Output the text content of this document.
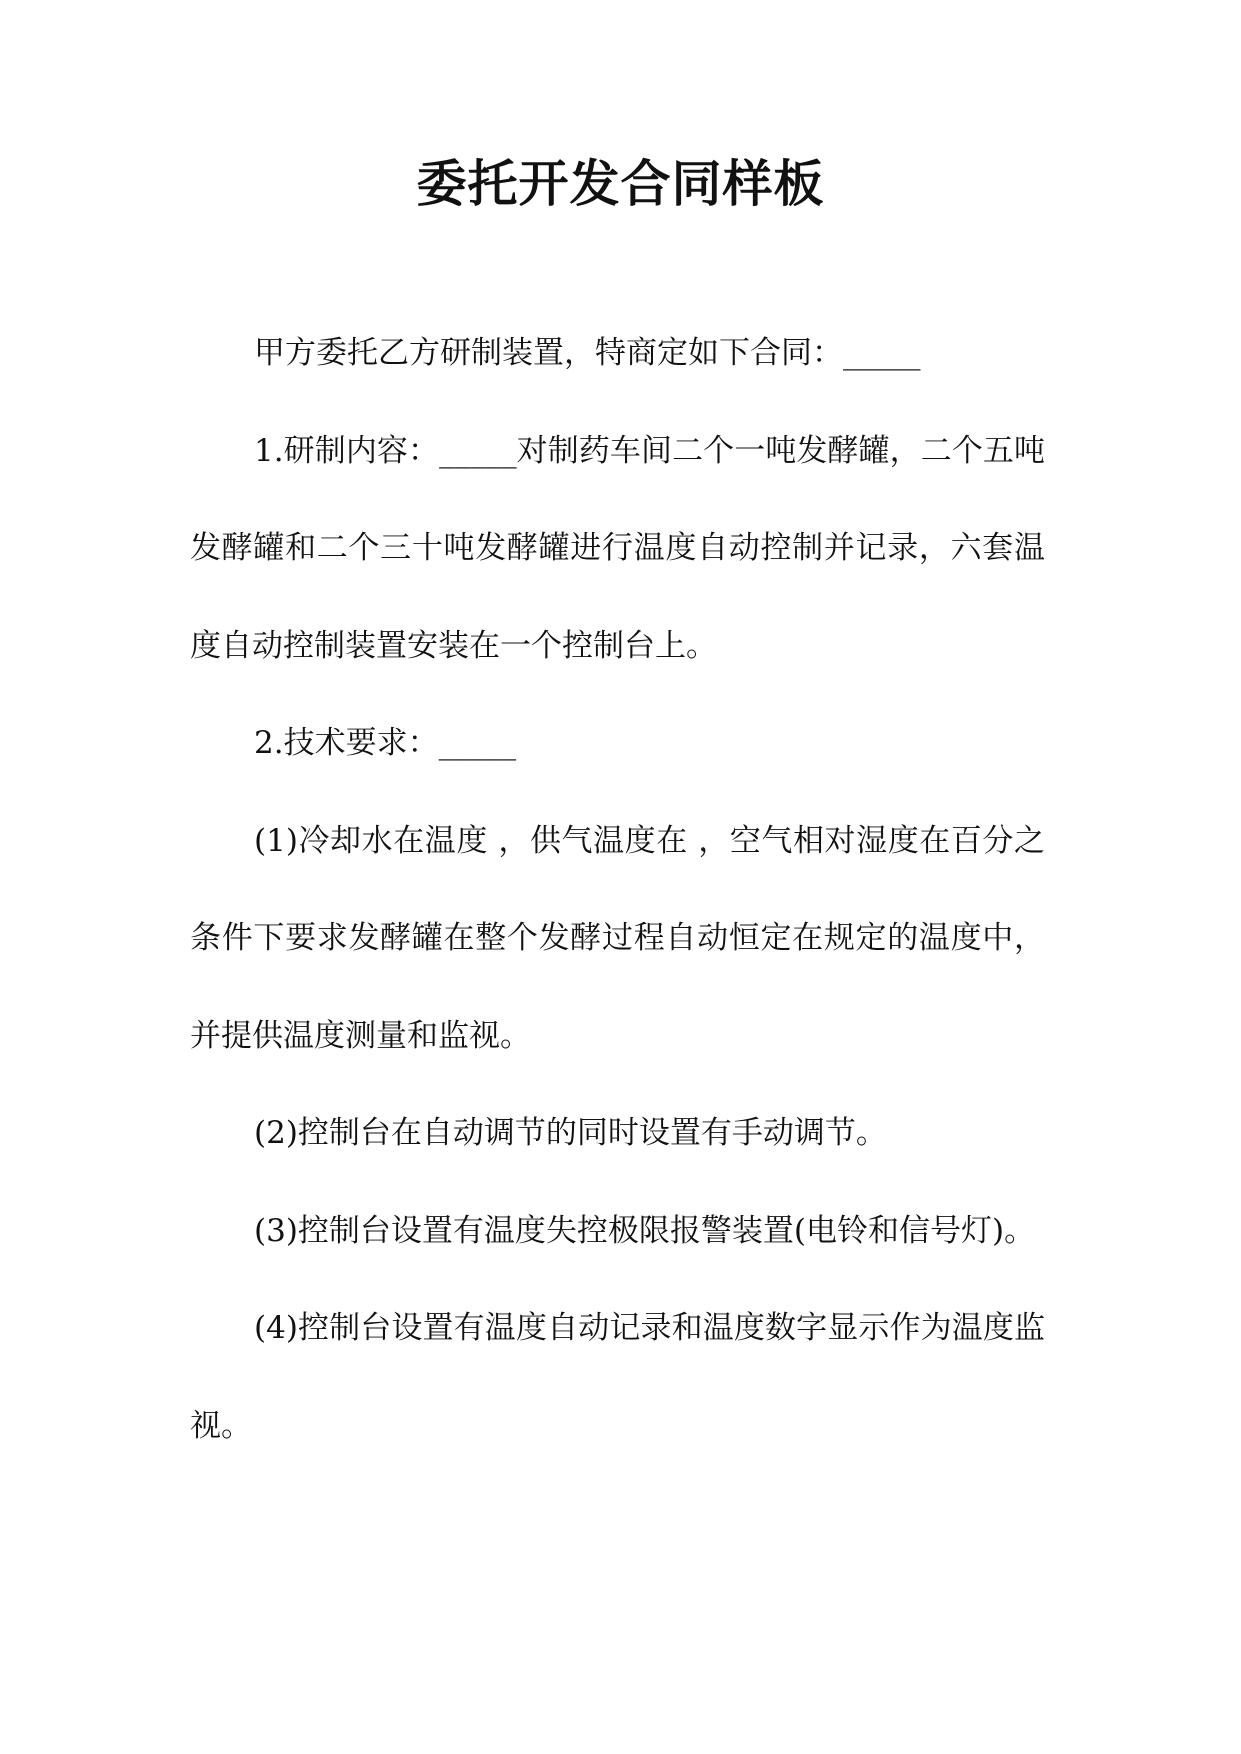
委托开发合同样板

甲方委托乙方研制装置，特商定如下合同：_____

1.研制内容：_____对制药车间二个一吨发酵罐，二个五吨发酵罐和二个三十吨发酵罐进行温度自动控制并记录，六套温度自动控制装置安装在一个控制台上。

2.技术要求：_____

(1)冷却水在温度 ，供气温度在 ，空气相对湿度在百分之 条件下要求发酵罐在整个发酵过程自动恒定在规定的温度中，并提供温度测量和监视。

(2)控制台在自动调节的同时设置有手动调节。

(3)控制台设置有温度失控极限报警装置(电铃和信号灯)。

(4)控制台设置有温度自动记录和温度数字显示作为温度监视。
